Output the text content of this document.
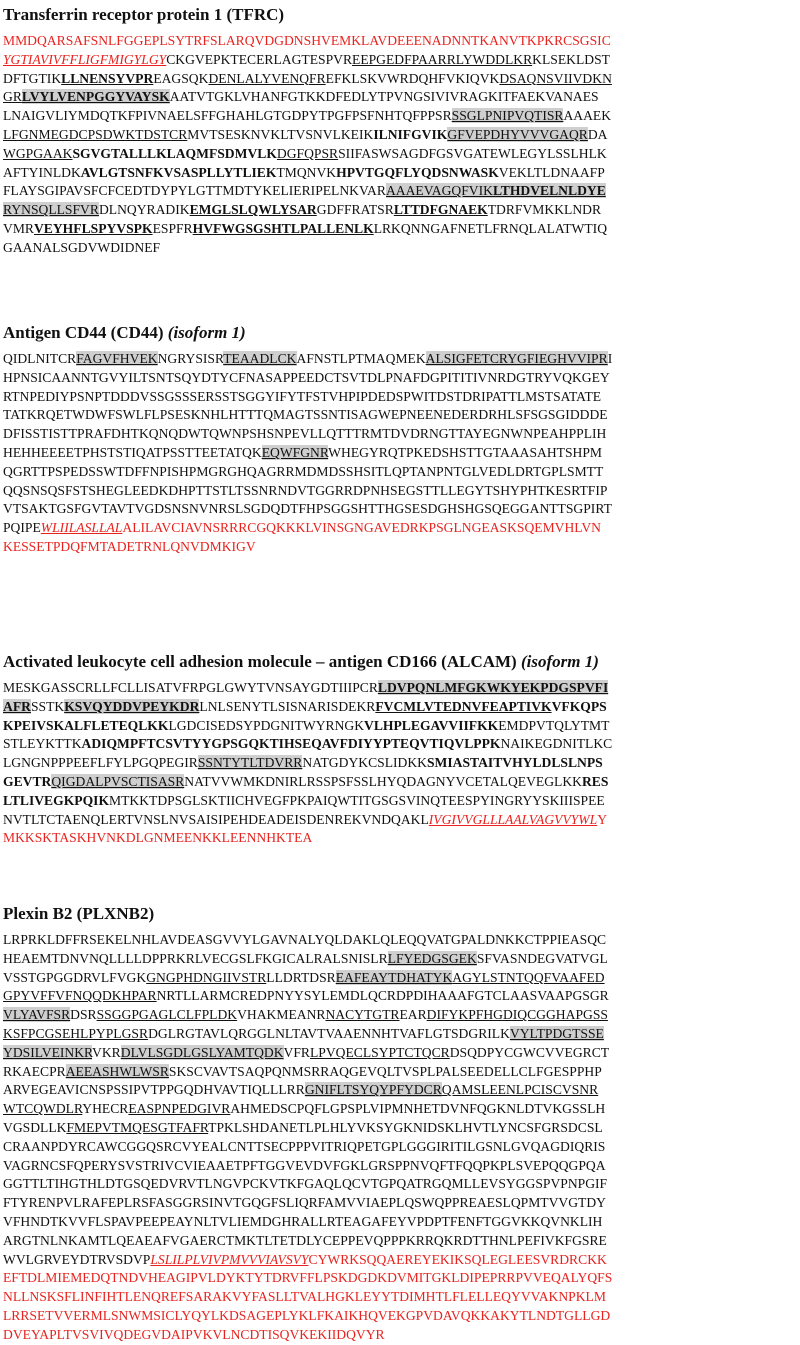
Transferrin receptor protein 1 (TFRC)
MMDQARSAFSNLFGGEPLSYTRFSLARQVDGDNSHVEMKLAVDEEENADNNTKANVTKPKRCSGSIC
YGTIAVIVFFLIGFMIGYLGYCKGVEPKTECERLAGTESPVREEPGEDFPAARRLYWDDLKRKLSEKLDST
DFTGTIKLLNENSYVPREAGSQKDENLALYVENQFREFKLSKVWRDQHFVKIQVKDSAQNSVIIVDKN
GRLVYLVENPGGYVAYSKAATVTGKLVHANFGTKKDFEDLYTPVNGSIVIVRAGKITFAEKVANAES
LNAIGVLIYMDQTKFPIVNAELSFFGHAHLGTGDPYTPGFPSFNHTQFPPSRSSGLPNIPVQTISRAAAEK
LFGNMEGDCPSDWKTDSTCRMVTSESKNVKLTVSNVLKEIKILNIFGVIKGFVEPDHYVVVGAQRDA
WGPGAAKSGVGTALLLKLAQMFSDMVLKDGFQPSRSIIFASWSAGDFGSVGATEWLEGYLSSLHLK
AFTYINLDKAVLGTSNFKVSASPLLYTLIEKTMQNVKHPVTGQFLYQDSNWASKVEKLTLDNAAFP
FLAYSGIPAVSFCFCEDTDYPYLGTTMDTYKELIERIPELNKVARAAAEVAGQFVIKLTHDVELNLDYE
RYNSQLLSFVRDLNQYRADIKEMGLSLQWLYSARGDFFRATSRLTTDFGNAEKTDRFVMKKLNDR
VMRVEYHFLSPYVSPKESPFRHVFWGSGSHTLPALLENLKLRKQNNGAFNETLFRNQLALATWTIQ
GAANALSGDVWDIDNEF
Antigen CD44 (CD44) (isoform 1)
QIDLNITCRFAGVFHVEKNGRYSISRTEAADLCKAFNSTLPTMAQMEKALSIGFETCRYGFIEGHVVIPRI
HPNSICAANNTGVYILTSNTSQYDTYCFNASAPPEEDCTSVTDLPNAFDGPITITIVNRDGTRYVQKGEY
RTNPEDIYPSNPTDDDVSSGSSSERSSTSGGYIFYTFSTVHPIPDEDSPWITDSTDRIPATTLMSTSATATE
TATKRQETWDWFSWLFLPSESKNHLHTTTQMAGTSSNTISAGWEPNEENEDERDRHLSFSGSGIDDDE
DFISSTISTTPRAFDHTKQNQDWTQWNPSHSNPEVLLQTTTRMTDVDRNGTTAYEGNWNPEAHPPLIH
HEHHEEEETPHSTSTIQATPSSTTEETATQKEQWFGNRWHEGYRQTPKEDSHSTTGTAAASAHTSHPM
QGRTTPSPEDSSWTDFFNPISHPMGRGHQAGRRMDMDSSHSITLQPTANPNTGLVEDLDRTGPLSMTT
QQSNSQSFSTSHEGLEEDKDHPTTSTLTSSNRNDVTGGRRDPNHSEGSTTLLEGYTSHYPHTKESRTFIP
VTSAKTGSFGVTAVTVGDSNSNVNRSLSGDQDTFHPSGGSHTTHGSESDGHSHGSQEGGANTTSGPIRT
PQIPEWLIILASLLALALILAVCIAVNSRRRCGQKKKLVINSGNGAVEDRKPSGLNGEASKSQEMVHLVN
KESSETPDQFMTADETRNLQNVDMKIGV
Activated leukocyte cell adhesion molecule – antigen CD166 (ALCAM) (isoform 1)
MESKGASSCRLLFCLLISATVFRPGLGWYTVNSAYGDTIIIPCRLDVPQNLMFGKWKYEKPDGSPVFI
AFRSSTKKSVQYDDVPEYKDRLNLSENYTLSISNARISDEKRFVCMLVTEDNVFEAPTIVKVFKQPS
KPEIVSKALFLETEQLKKLGDCISEDSYPDGNITWYRNGKVLHPLEGAVVIIFKKEMDPVTQLYTMT
STLEYKTTKADIQMPFTCSVTYYGPSGQKTIHSEQAVFDIYYPTEQVTIQVLPPKNAIKEGDNITLKC
LGNGNPPPEEFLFYLPGQPEGIRSSNTYTLTDVRRNATGDYKCSLIDKKSMIASTAITVHYLDLSLNPS
GEVTRQIGDALPVSCTISASRNATVVWMKDNIRLRSSPSFSSLHYQDAGNYVCETALQEVEGLKKRES
LTLIVEGKPQIKMTKKTDPSGLSKTIICHVEGFPKPAIQWTITGSGSVINQTEESPYINGRYYSKIIISPEE
NVTLTCTAENQLERTVNSLNVSAISIPEHDEADEISDENREKVNDQAKLIVGIVVGLLLAALVAGVVYWLY
MKKSKTASKHVNKDLGNMEENKKLEENNHKTEA
Plexin B2 (PLXNB2)
LRPRKLDFFRSEKELNHLAVDEASGVVYLGAVNALYQLDAKLQLEQQVATGPALDNKKCTPPIEASQC
HEAEMTDNVNQLLLLDPPRKRLVECGSLFKGICALRALSNISLRLFYEDGSGEKSFVASNDEGVATVGL
VSSTGPGGDRVLFVGKGNGPHDNGIIVSTRLLDRTDSREAFEAYTDHATYKAGYLSTNTQQFVAAFED
GPYVFFVFNQQDKHPARNRTLLARMCREDPNYYSYLEMDLQCRDPDIHAAAFGTCLAASVAAPGSGR
VLYAVFSRDSRSSGGPGAGLCLFPLDKVHAKMEANRNACYTGTREARDIFYKPFHGDIQCGGHAPGSS
KSFPCGSEHLPYPLGSRDGLRGTAVLQRGGLNLTAVTVAAENNHTVAFLGTSDGRILKVYLTPDGTSSE
YDSILVEINKRVKRDLVLSGDLGSLYAMTQDKVFRLPVQECLSYPTCTQCRDSQDPYCGWCVVEGRCT
RKAECPRAEEASHWLWSRSKSCVAVTSAQPQNMSRRAQGEVQLTVSPLPALSEEDELLCLFGESPPHP
ARVEGEAVICNSPSSIPVTPPGQDHVAVTIQLLLRRGNIFLTSYQYPFYDCRQAMSLEENLPCISCVSNR
WTCQWDLRYHECREASPNPEDGIVRAHMEDSCPQFLGPSPLVIPMNHETDVNFQGKNLDTVKGSSLH
VGSDLLKFMEPVTMQESGTFAFRTPKLSHDANETLPLHLYVKSYGKNIDSKLHVTLYNCSFGRSDCSL
CRAANPDYRCAWCGGQSRCVYEALCNTTSECPPPVITRIQPETGPLGGGIRITILGSNLGVQAGDIQRIS
VAGRNCSFQPERYSVSTRIVCVIEAAETPFTGGVEVDVFGKLGRSPPNVQFTFQQPKPLSVEPQQGPQA
GGTTLTIHGTHLDTGSQEDVRVTLNGVPCKVTKFGAQLQCVTGPQATRGQMLLEVSYGGSPVPNPGIF
FTYRENPVLRAFEPLRSFASGGRSINVTGQGFSLIQRFAMVVIAEPLQSWQPPREAESLQPMTVVGTDY
VFHNDTKVVFLSPAVPEEPEAYNLTVLIEMDGHRALLRTEAGAFEYVPDPTFENFTGGVKKQVNKLIH
ARGTNLNKAMTLQEAEAFVGAERCTMKTLTETDLYCEPPEVQPPPKRRQKRDTTHNLPEFIVKFGSRE
WVLGRVEYDTRVSDVPLSLILPLVIVPMVVVIAVSVYCYWRKSQQAEREYEKIKSQLEGLEESVRDRCKK
EFTDLMIEMEDQTNDVHEAGIPVLDYKTYTDRVFFLPSKDGDKDVMITGKLDIPEPRRPVVEQALYQFS
NLLNSKSFLINFIHTLENQREFSARAKVYFASLLTVALHGKLEYYTDIMHTLFLELLEQYVVAKNPKLM
LRRSETVVERMLSNWMSICLYQYLKDSAGEPLYKLFKAIKHQVEKGPVDAVQKKAKYTLNDTGLLGD
DVEYAPLTVSVIVQDEGVDAIPVKVLNCDTISQVKEKIIDQVYR
